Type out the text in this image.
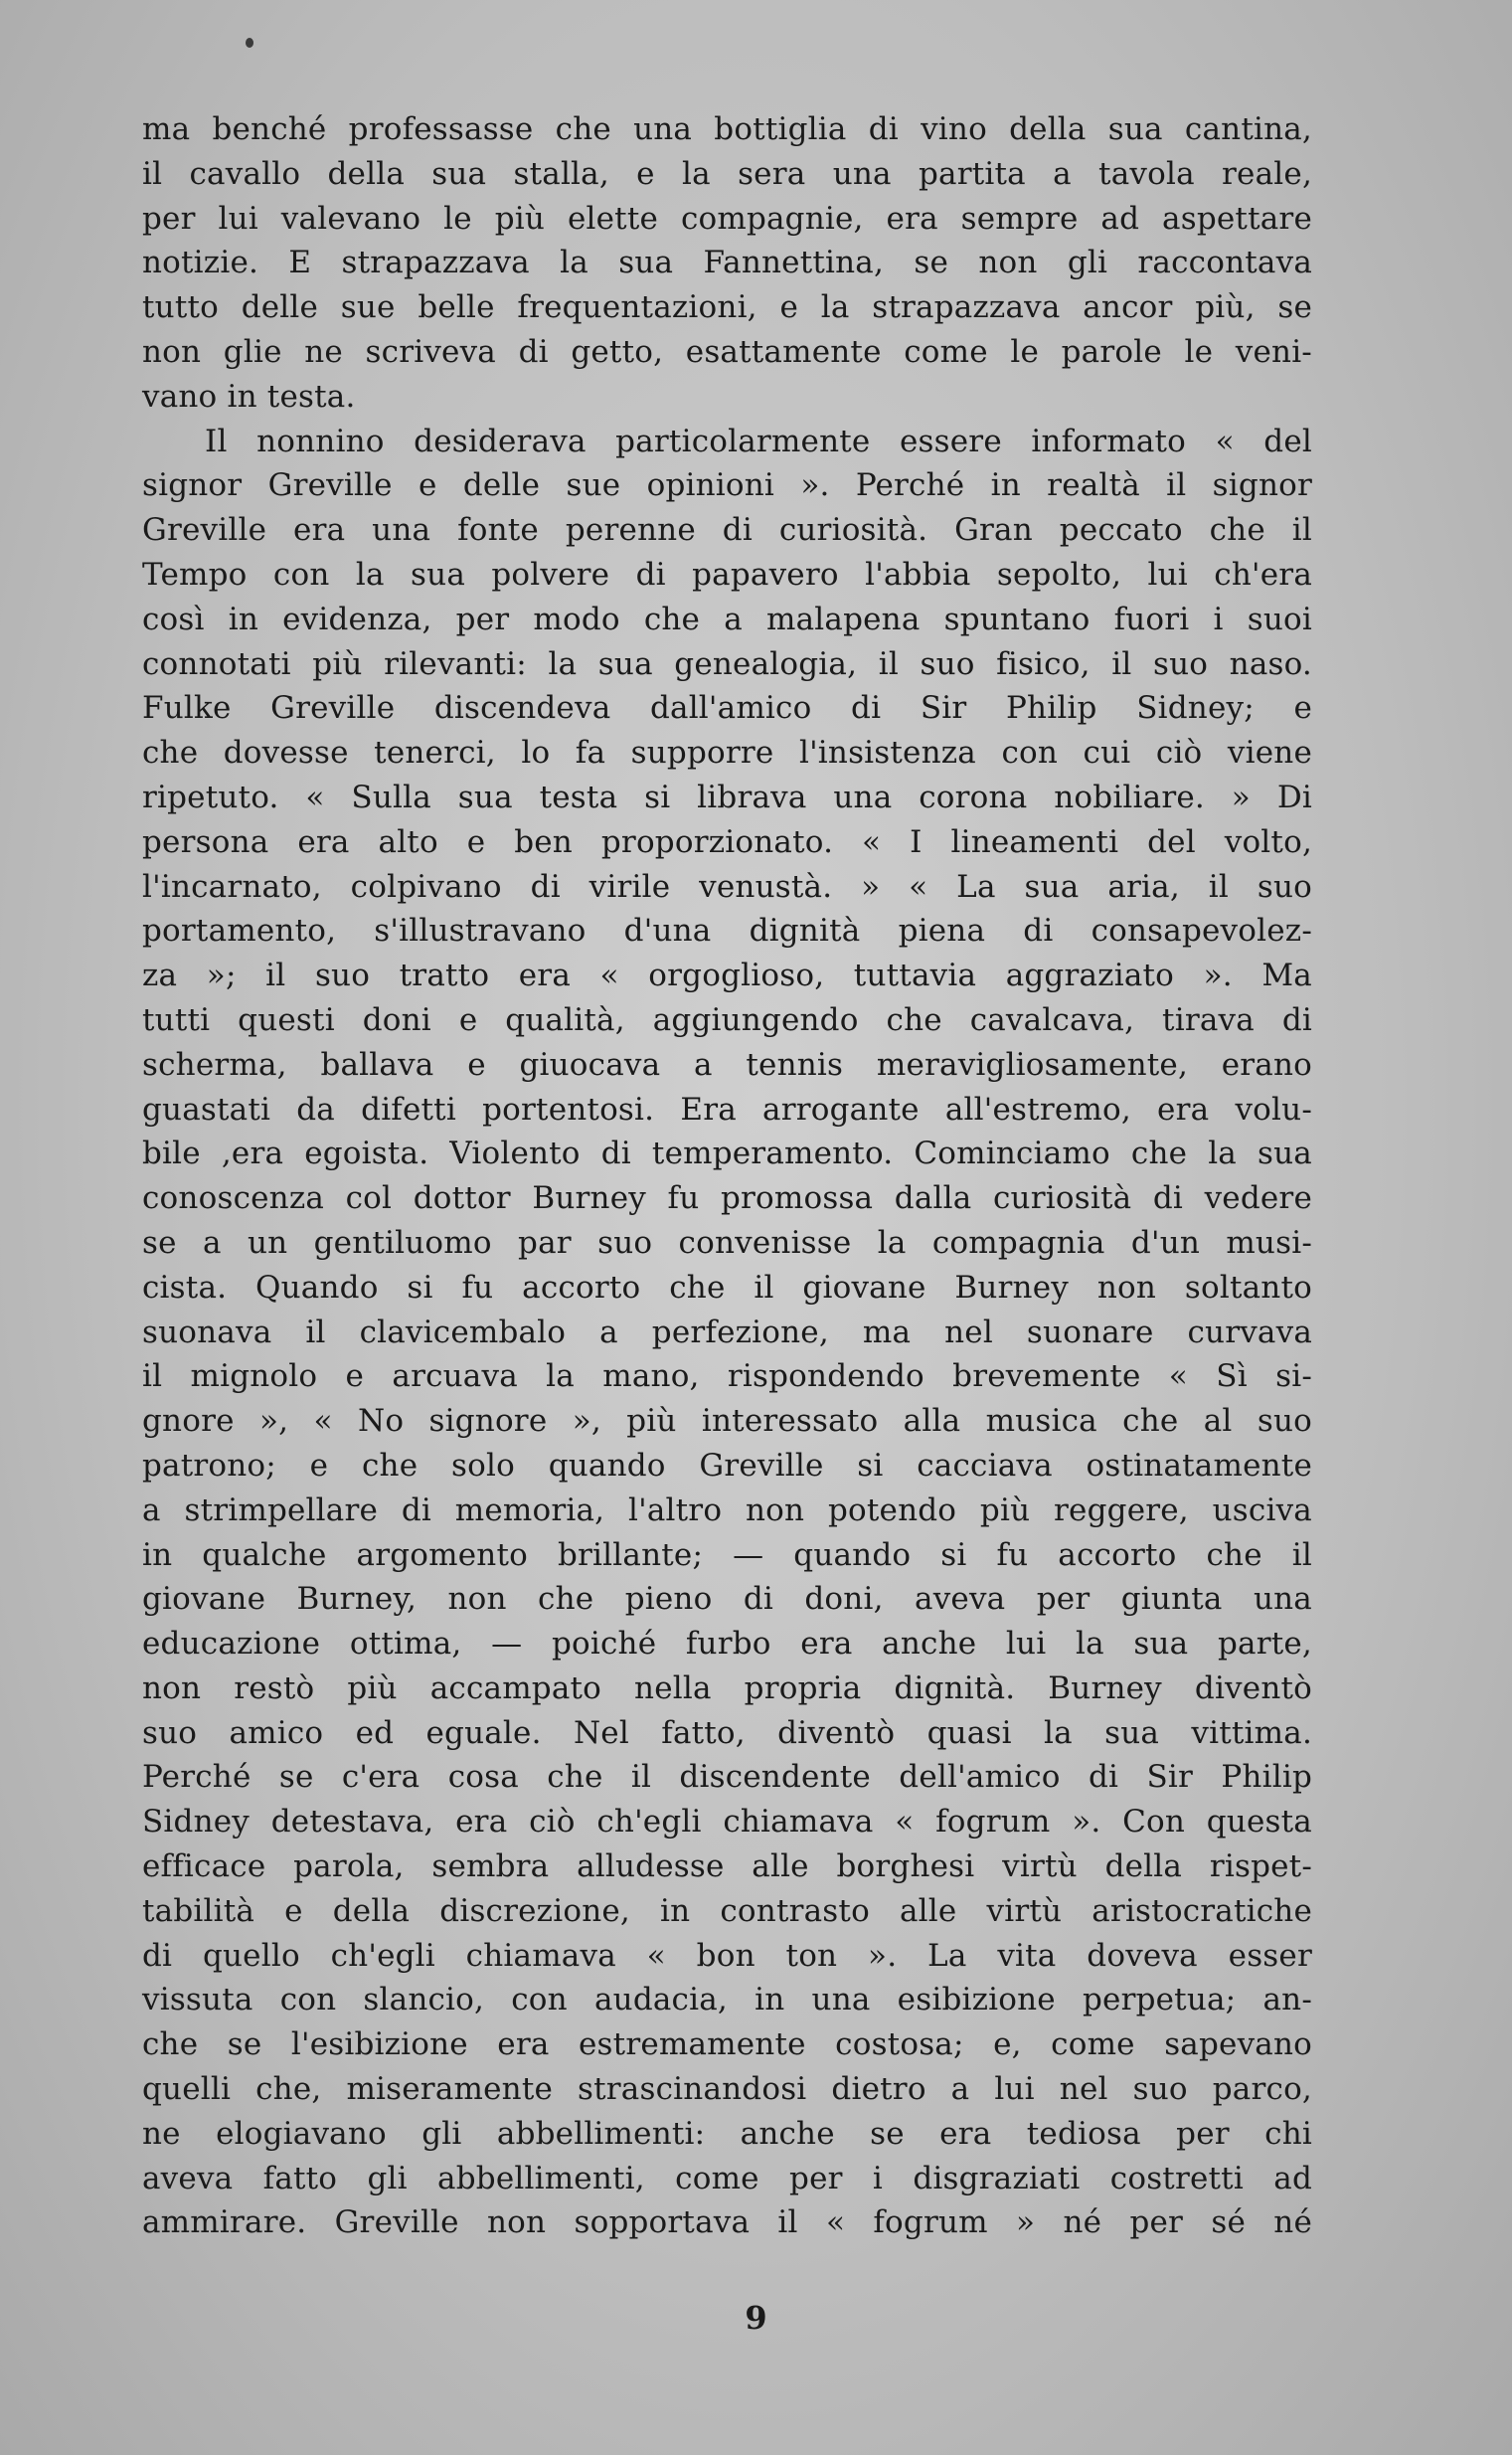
ma benché professasse che una bottiglia di vino della sua cantina,
il cavallo della sua stalla, e la sera una partita a tavola reale,
per lui valevano le più elette compagnie, era sempre ad aspettare
notizie. E strapazzava la sua Fannettina, se non gli raccontava
tutto delle sue belle frequentazioni, e la strapazzava ancor più, se
non glie ne scriveva di getto, esattamente come le parole le veni-
vano in testa.
Il nonnino desiderava particolarmente essere informato « del
signor Greville e delle sue opinioni ». Perché in realtà il signor
Greville era una fonte perenne di curiosità. Gran peccato che il
Tempo con la sua polvere di papavero l'abbia sepolto, lui ch'era
così in evidenza, per modo che a malapena spuntano fuori i suoi
connotati più rilevanti: la sua genealogia, il suo fisico, il suo naso.
Fulke Greville discendeva dall'amico di Sir Philip Sidney; e
che dovesse tenerci, lo fa supporre l'insistenza con cui ciò viene
ripetuto. « Sulla sua testa si librava una corona nobiliare. » Di
persona era alto e ben proporzionato. « I lineamenti del volto,
l'incarnato, colpivano di virile venustà. » « La sua aria, il suo
portamento, s'illustravano d'una dignità piena di consapevolez-
za »; il suo tratto era « orgoglioso, tuttavia aggraziato ». Ma
tutti questi doni e qualità, aggiungendo che cavalcava, tirava di
scherma, ballava e giuocava a tennis meravigliosamente, erano
guastati da difetti portentosi. Era arrogante all'estremo, era volu-
bile ,era egoista. Violento di temperamento. Cominciamo che la sua
conoscenza col dottor Burney fu promossa dalla curiosità di vedere
se a un gentiluomo par suo convenisse la compagnia d'un musi-
cista. Quando si fu accorto che il giovane Burney non soltanto
suonava il clavicembalo a perfezione, ma nel suonare curvava
il mignolo e arcuava la mano, rispondendo brevemente « Sì si-
gnore », « No signore », più interessato alla musica che al suo
patrono; e che solo quando Greville si cacciava ostinatamente
a strimpellare di memoria, l'altro non potendo più reggere, usciva
in qualche argomento brillante; — quando si fu accorto che il
giovane Burney, non che pieno di doni, aveva per giunta una
educazione ottima, — poiché furbo era anche lui la sua parte,
non restò più accampato nella propria dignità. Burney diventò
suo amico ed eguale. Nel fatto, diventò quasi la sua vittima.
Perché se c'era cosa che il discendente dell'amico di Sir Philip
Sidney detestava, era ciò ch'egli chiamava « fogrum ». Con questa
efficace parola, sembra alludesse alle borghesi virtù della rispet-
tabilità e della discrezione, in contrasto alle virtù aristocratiche
di quello ch'egli chiamava « bon ton ». La vita doveva esser
vissuta con slancio, con audacia, in una esibizione perpetua; an-
che se l'esibizione era estremamente costosa; e, come sapevano
quelli che, miseramente strascinandosi dietro a lui nel suo parco,
ne elogiavano gli abbellimenti: anche se era tediosa per chi
aveva fatto gli abbellimenti, come per i disgraziati costretti ad
ammirare. Greville non sopportava il « fogrum » né per sé né
9
